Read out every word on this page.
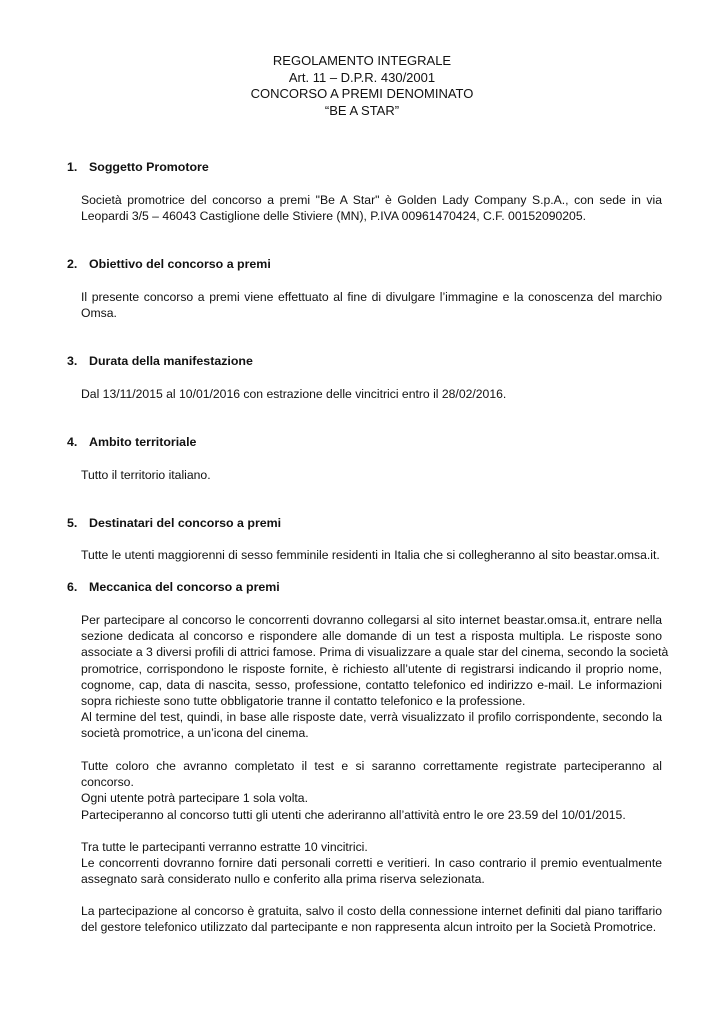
REGOLAMENTO INTEGRALE
Art. 11 – D.P.R. 430/2001
CONCORSO A PREMI DENOMINATO
“BE A STAR”
1. Soggetto Promotore
Società promotrice del concorso a premi "Be A Star" è Golden Lady Company S.p.A., con sede in via
Leopardi 3/5 – 46043 Castiglione delle Stiviere (MN), P.IVA 00961470424, C.F. 00152090205.
2. Obiettivo del concorso a premi
Il presente concorso a premi viene effettuato al fine di divulgare l’immagine e la conoscenza del marchio
Omsa.
3. Durata della manifestazione
Dal 13/11/2015 al 10/01/2016 con estrazione delle vincitrici entro il 28/02/2016.
4. Ambito territoriale
Tutto il territorio italiano.
5. Destinatari del concorso a premi
Tutte le utenti maggiorenni di sesso femminile residenti in Italia che si collegheranno al sito beastar.omsa.it.
6. Meccanica del concorso a premi
Per partecipare al concorso le concorrenti dovranno collegarsi al sito internet beastar.omsa.it, entrare nella
sezione dedicata al concorso e rispondere alle domande di un test a risposta multipla. Le risposte sono
associate a 3 diversi profili di attrici famose. Prima di visualizzare a quale star del cinema, secondo la società
promotrice, corrispondono le risposte fornite, è richiesto all’utente di registrarsi indicando il proprio nome,
cognome, cap, data di nascita, sesso, professione, contatto telefonico ed indirizzo e-mail. Le informazioni
sopra richieste sono tutte obbligatorie tranne il contatto telefonico e la professione.
Al termine del test, quindi, in base alle risposte date, verrà visualizzato il profilo corrispondente, secondo la
società promotrice, a un’icona del cinema.
Tutte coloro che avranno completato il test e si saranno correttamente registrate parteciperanno al
concorso.
Ogni utente potrà partecipare 1 sola volta.
Parteciperanno al concorso tutti gli utenti che aderiranno all’attività entro le ore 23.59 del 10/01/2015.
Tra tutte le partecipanti verranno estratte 10 vincitrici.
Le concorrenti dovranno fornire dati personali corretti e veritieri. In caso contrario il premio eventualmente
assegnato sarà considerato nullo e conferito alla prima riserva selezionata.
La partecipazione al concorso è gratuita, salvo il costo della connessione internet definiti dal piano tariffario
del gestore telefonico utilizzato dal partecipante e non rappresenta alcun introito per la Società Promotrice.
